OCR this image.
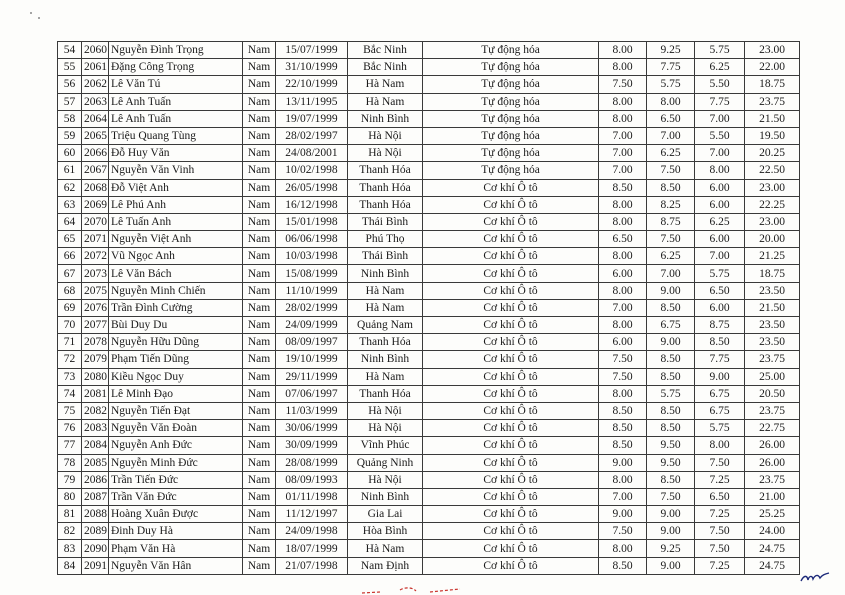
54	2060	Nguyễn Đình Trọng	Nam	15/07/1999	Bắc Ninh	Tự động hóa	8.00	9.25	5.75	23.00
55	2061	Đặng Công Trọng	Nam	31/10/1999	Bắc Ninh	Tự động hóa	8.00	7.75	6.25	22.00
56	2062	Lê Văn Tú	Nam	22/10/1999	Hà Nam	Tự động hóa	7.50	5.75	5.50	18.75
57	2063	Lê Anh Tuấn	Nam	13/11/1995	Hà Nam	Tự động hóa	8.00	8.00	7.75	23.75
58	2064	Lê Anh Tuấn	Nam	19/07/1999	Ninh Bình	Tự động hóa	8.00	6.50	7.00	21.50
59	2065	Triệu Quang Tùng	Nam	28/02/1997	Hà Nội	Tự động hóa	7.00	7.00	5.50	19.50
60	2066	Đỗ Huy Văn	Nam	24/08/2001	Hà Nội	Tự động hóa	7.00	6.25	7.00	20.25
61	2067	Nguyễn Văn Vinh	Nam	10/02/1998	Thanh Hóa	Tự động hóa	7.00	7.50	8.00	22.50
62	2068	Đỗ Việt Anh	Nam	26/05/1998	Thanh Hóa	Cơ khí Ô tô	8.50	8.50	6.00	23.00
63	2069	Lê Phú Anh	Nam	16/12/1998	Thanh Hóa	Cơ khí Ô tô	8.00	8.25	6.00	22.25
64	2070	Lê Tuấn Anh	Nam	15/01/1998	Thái Bình	Cơ khí Ô tô	8.00	8.75	6.25	23.00
65	2071	Nguyễn Việt Anh	Nam	06/06/1998	Phú Thọ	Cơ khí Ô tô	6.50	7.50	6.00	20.00
66	2072	Vũ Ngọc Anh	Nam	10/03/1998	Thái Bình	Cơ khí Ô tô	8.00	6.25	7.00	21.25
67	2073	Lê Văn Bách	Nam	15/08/1999	Ninh Bình	Cơ khí Ô tô	6.00	7.00	5.75	18.75
68	2075	Nguyễn Minh Chiến	Nam	11/10/1999	Hà Nam	Cơ khí Ô tô	8.00	9.00	6.50	23.50
69	2076	Trần Đình Cường	Nam	28/02/1999	Hà Nam	Cơ khí Ô tô	7.00	8.50	6.00	21.50
70	2077	Bùi Duy Du	Nam	24/09/1999	Quảng Nam	Cơ khí Ô tô	8.00	6.75	8.75	23.50
71	2078	Nguyễn Hữu Dũng	Nam	08/09/1997	Thanh Hóa	Cơ khí Ô tô	6.00	9.00	8.50	23.50
72	2079	Phạm Tiến Dũng	Nam	19/10/1999	Ninh Bình	Cơ khí Ô tô	7.50	8.50	7.75	23.75
73	2080	Kiều Ngọc Duy	Nam	29/11/1999	Hà Nam	Cơ khí Ô tô	7.50	8.50	9.00	25.00
74	2081	Lê Minh Đạo	Nam	07/06/1997	Thanh Hóa	Cơ khí Ô tô	8.00	5.75	6.75	20.50
75	2082	Nguyễn Tiến Đạt	Nam	11/03/1999	Hà Nội	Cơ khí Ô tô	8.50	8.50	6.75	23.75
76	2083	Nguyễn Văn Đoàn	Nam	30/06/1999	Hà Nội	Cơ khí Ô tô	8.50	8.50	5.75	22.75
77	2084	Nguyễn Anh Đức	Nam	30/09/1999	Vĩnh Phúc	Cơ khí Ô tô	8.50	9.50	8.00	26.00
78	2085	Nguyễn Minh Đức	Nam	28/08/1999	Quảng Ninh	Cơ khí Ô tô	9.00	9.50	7.50	26.00
79	2086	Trần Tiến Đức	Nam	08/09/1993	Hà Nội	Cơ khí Ô tô	8.00	8.50	7.25	23.75
80	2087	Trần Văn Đức	Nam	01/11/1998	Ninh Bình	Cơ khí Ô tô	7.00	7.50	6.50	21.00
81	2088	Hoàng Xuân Được	Nam	11/12/1997	Gia Lai	Cơ khí Ô tô	9.00	9.00	7.25	25.25
82	2089	Đinh Duy Hà	Nam	24/09/1998	Hòa Bình	Cơ khí Ô tô	7.50	9.00	7.50	24.00
83	2090	Phạm Văn Hà	Nam	18/07/1999	Hà Nam	Cơ khí Ô tô	8.00	9.25	7.50	24.75
84	2091	Nguyễn Văn Hân	Nam	21/07/1998	Nam Định	Cơ khí Ô tô	8.50	9.00	7.25	24.75
